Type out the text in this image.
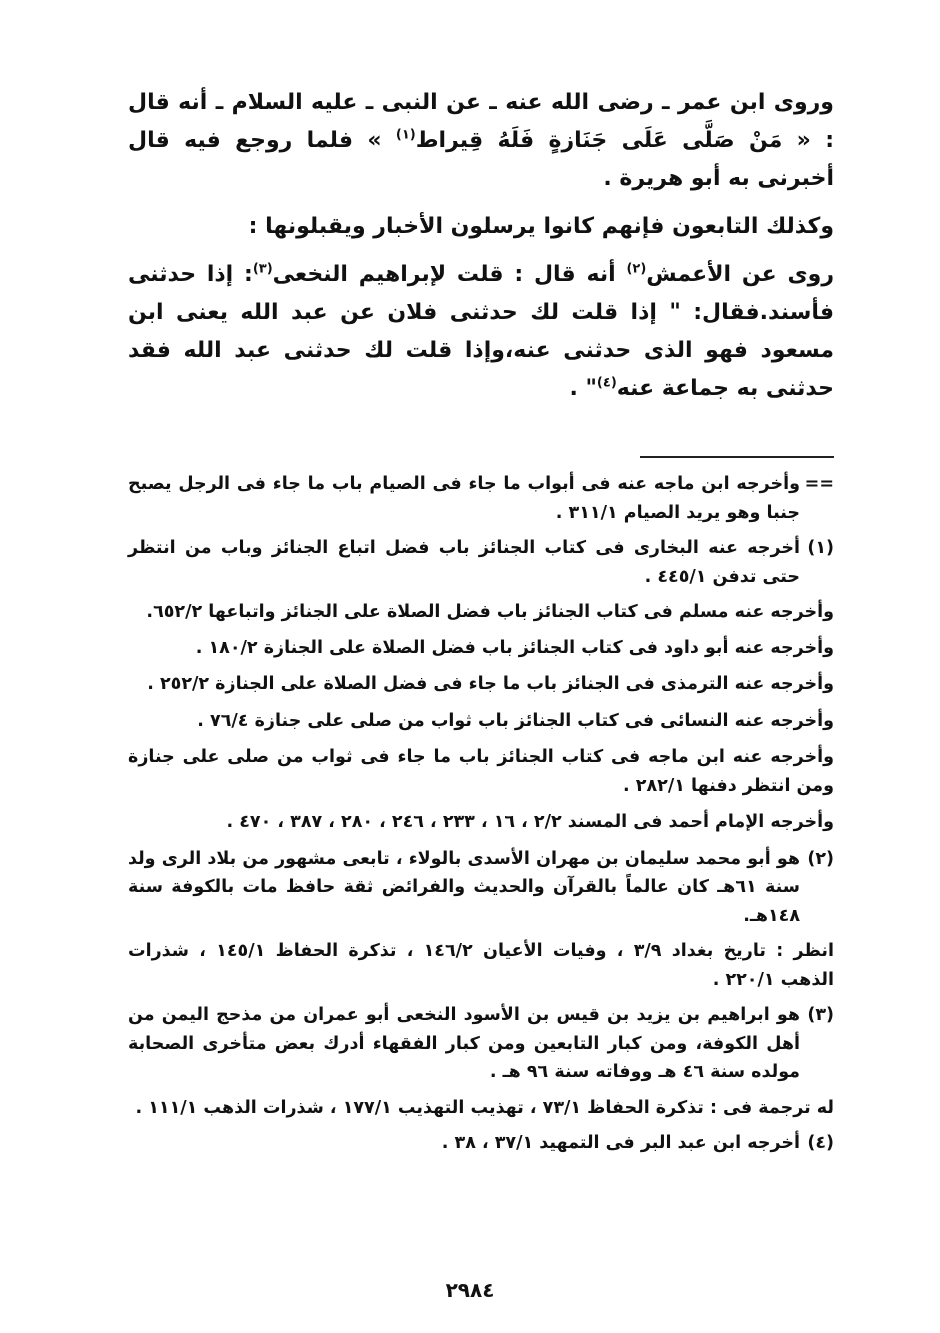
وروى ابن عمر ـ رضى الله عنه ـ عن النبى ـ عليه السلام ـ أنه قال : « مَنْ صَلَّى عَلَى جَنَازةٍ فَلَهُ قِيراط$^{(١)}$ » فلما روجع فيه قال أخبرنى به أبو هريرة .

وكذلك التابعون فإنهم كانوا يرسلون الأخبار ويقبلونها :

روى عن الأعمش$^{(٢)}$ أنه قال : قلت لإبراهيم النخعى$^{(٣)}$: إذا حدثنى فأسند.فقال: " إذا قلت لك حدثنى فلان عن عبد الله يعنى ابن مسعود فهو الذى حدثنى عنه،وإذا قلت لك حدثنى عبد الله فقد حدثنى به جماعة عنه$^{(٤)}$" .

==
وأخرجه ابن ماجه عنه فى أبواب ما جاء فى الصيام باب ما جاء فى الرجل يصبح جنبا وهو يريد الصيام ٣١١/١ .
(١)
أخرجه عنه البخارى فى كتاب الجنائز باب فضل اتباع الجنائز وباب من انتظر حتى تدفن ٤٤٥/١ .
وأخرجه عنه مسلم فى كتاب الجنائز باب فضل الصلاة على الجنائز واتباعها ٦٥٢/٢.
وأخرجه عنه أبو داود فى كتاب الجنائز باب فضل الصلاة على الجنازة ١٨٠/٢ .
وأخرجه عنه الترمذى فى الجنائز باب ما جاء فى فضل الصلاة على الجنازة ٢٥٢/٢ .
وأخرجه عنه النسائى فى كتاب الجنائز باب ثواب من صلى على جنازة ٧٦/٤ .
وأخرجه عنه ابن ماجه فى كتاب الجنائز باب ما جاء فى ثواب من صلى على جنازة ومن انتظر دفنها ٢٨٢/١ .
وأخرجه الإمام أحمد فى المسند ٢/٢ ، ١٦ ، ٢٣٣ ، ٢٤٦ ، ٢٨٠ ، ٣٨٧ ، ٤٧٠ .
(٢)
هو أبو محمد سليمان بن مهران الأسدى بالولاء ، تابعى مشهور من بلاد الرى ولد سنة ٦١هـ كان عالماً بالقرآن والحديث والفرائض ثقة حافظ مات بالكوفة سنة ١٤٨هـ.
انظر : تاريخ بغداد ٣/٩ ، وفيات الأعيان ١٤٦/٢ ، تذكرة الحفاظ ١٤٥/١ ، شذرات الذهب ٢٢٠/١ .
(٣)
هو ابراهيم بن يزيد بن قيس بن الأسود النخعى أبو عمران من مذحج اليمن من أهل الكوفة، ومن كبار التابعين ومن كبار الفقهاء أدرك بعض متأخرى الصحابة مولده سنة ٤٦ هـ ووفاته سنة ٩٦ هـ .
له ترجمة فى : تذكرة الحفاظ ٧٣/١ ، تهذيب التهذيب ١٧٧/١ ، شذرات الذهب ١١١/١ .
(٤)
أخرجه ابن عبد البر فى التمهيد ٣٧/١ ، ٣٨ .
٢٩٨٤
